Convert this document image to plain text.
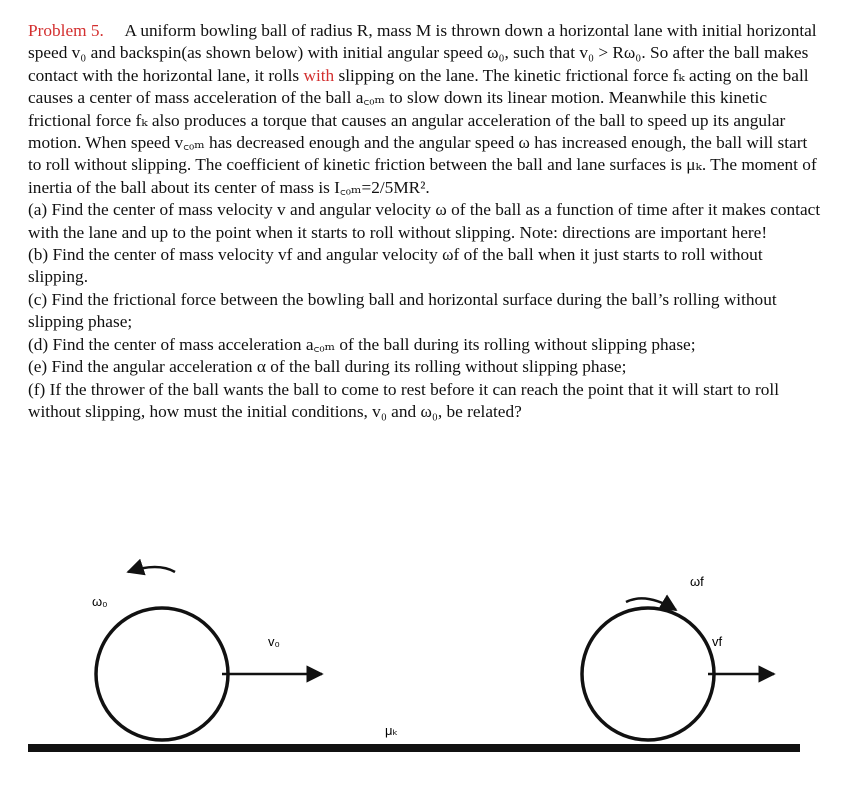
Problem 5. A uniform bowling ball of radius R, mass M is thrown down a horizontal lane with initial horizontal speed v₀ and backspin(as shown below) with initial angular speed ω₀, such that v₀ > Rω₀. So after the ball makes contact with the horizontal lane, it rolls with slipping on the lane. The kinetic frictional force fₖ acting on the ball causes a center of mass acceleration of the ball a꜀ₒₘ to slow down its linear motion. Meanwhile this kinetic frictional force fₖ also produces a torque that causes an angular acceleration of the ball to speed up its angular motion. When speed v꜀ₒₘ has decreased enough and the angular speed ω has increased enough, the ball will start to roll without slipping. The coefficient of kinetic friction between the ball and lane surfaces is μₖ. The moment of inertia of the ball about its center of mass is I꜀ₒₘ=2/5MR².

(a) Find the center of mass velocity v and angular velocity ω of the ball as a function of time after it makes contact with the lane and up to the point when it starts to roll without slipping. Note: directions are important here!

(b) Find the center of mass velocity vf and angular velocity ωf of the ball when it just starts to roll without slipping.

(c) Find the frictional force between the bowling ball and horizontal surface during the ball’s rolling without slipping phase;

(d) Find the center of mass acceleration a꜀ₒₘ of the ball during its rolling without slipping phase;

(e) Find the angular acceleration α of the ball during its rolling without slipping phase;

(f) If the thrower of the ball wants the ball to come to rest before it can reach the point that it will start to roll without slipping, how must the initial conditions, v₀ and ω₀, be related?

ω₀
v₀
μₖ
ωf
vf
